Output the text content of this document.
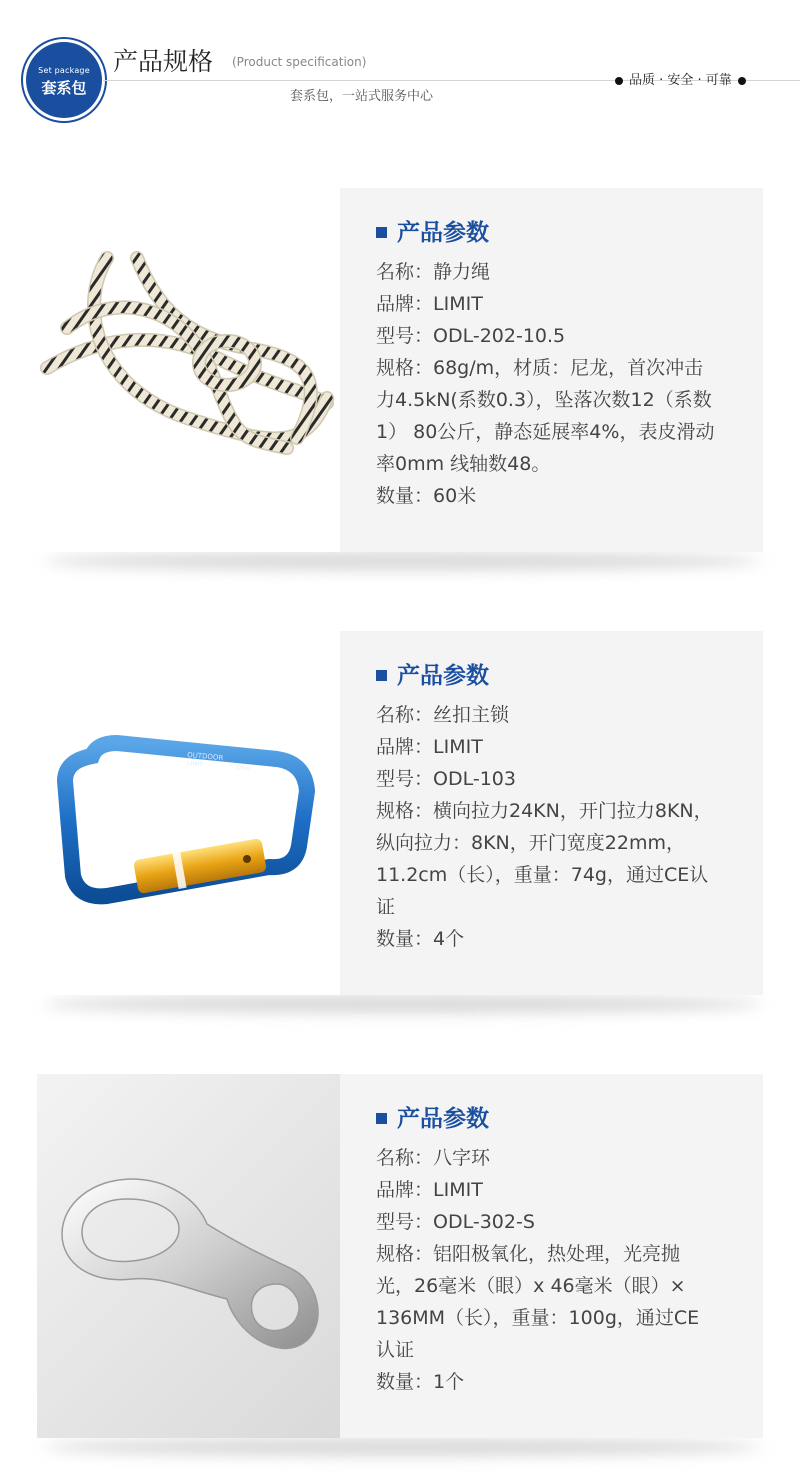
Set package
套系包
产品规格 (Product specification)
套系包，一站式服务中心
品质 · 安全 · 可靠
产品参数
名称：静力绳
品牌：LIMIT
型号：ODL-202-10.5
规格：68g/m，材质：尼龙，首次冲击
力4.5kN(系数0.3），坠落次数12（系数
1） 80公斤，静态延展率4%，表皮滑动
率0mm 线轴数48。
数量：60米
OUTDOOR
LIMIT
CE10
产品参数
名称：丝扣主锁
品牌：LIMIT
型号：ODL-103
规格：横向拉力24KN，开门拉力8KN，
纵向拉力：8KN，开门宽度22mm，
11.2cm（长），重量：74g，通过CE认
证
数量：4个
产品参数
名称：八字环
品牌：LIMIT
型号：ODL-302-S
规格：铝阳极氧化，热处理，光亮抛
光，26毫米（眼）x 46毫米（眼）×
136MM（长），重量：100g，通过CE
认证
数量：1个
